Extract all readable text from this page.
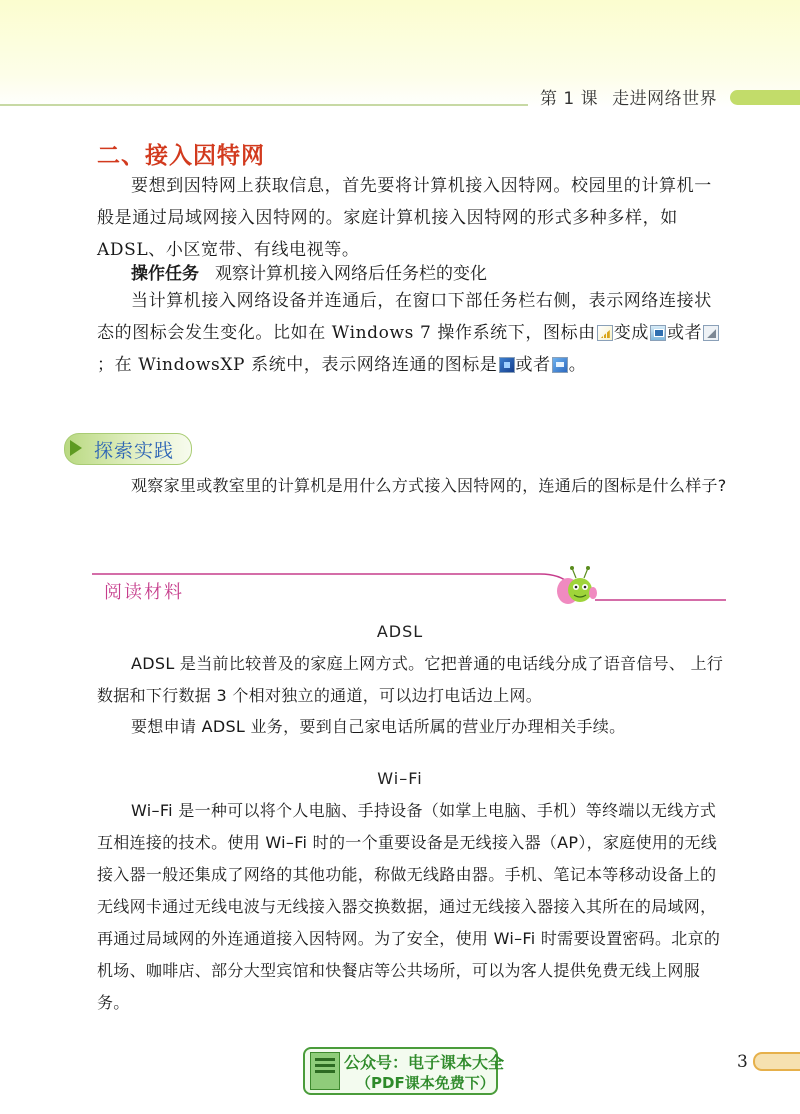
第 1 课 走进网络世界
二、接入因特网

要想到因特网上获取信息，首先要将计算机接入因特网。校园里的计算机一般是通过局域网接入因特网的。家庭计算机接入因特网的形式多种多样，如 ADSL、小区宽带、有线电视等。

操作任务 观察计算机接入网络后任务栏的变化

当计算机接入网络设备并连通后，在窗口下部任务栏右侧，表示网络连接状态的图标会发生变化。比如在 Windows 7 操作系统下，图标由 变成 或者；在 WindowsXP 系统中，表示网络连通的图标是 或者 。

探索实践

观察家里或教室里的计算机是用什么方式接入因特网的，连通后的图标是什么样子?

阅读材料
ADSL

ADSL 是当前比较普及的家庭上网方式。它把普通的电话线分成了语音信号、 上行数据和下行数据 3 个相对独立的通道，可以边打电话边上网。

要想申请 ADSL 业务，要到自己家电话所属的营业厅办理相关手续。

Wi–Fi

Wi–Fi 是一种可以将个人电脑、手持设备（如掌上电脑、手机）等终端以无线方式互相连接的技术。使用 Wi–Fi 时的一个重要设备是无线接入器（AP），家庭使用的无线接入器一般还集成了网络的其他功能，称做无线路由器。手机、笔记本等移动设备上的无线网卡通过无线电波与无线接入器交换数据，通过无线接入器接入其所在的局域网，再通过局域网的外连通道接入因特网。为了安全，使用 Wi–Fi 时需要设置密码。北京的机场、咖啡店、部分大型宾馆和快餐店等公共场所，可以为客人提供免费无线上网服务。

公众号：电子课本大全
（PDF课本免费下）
3
